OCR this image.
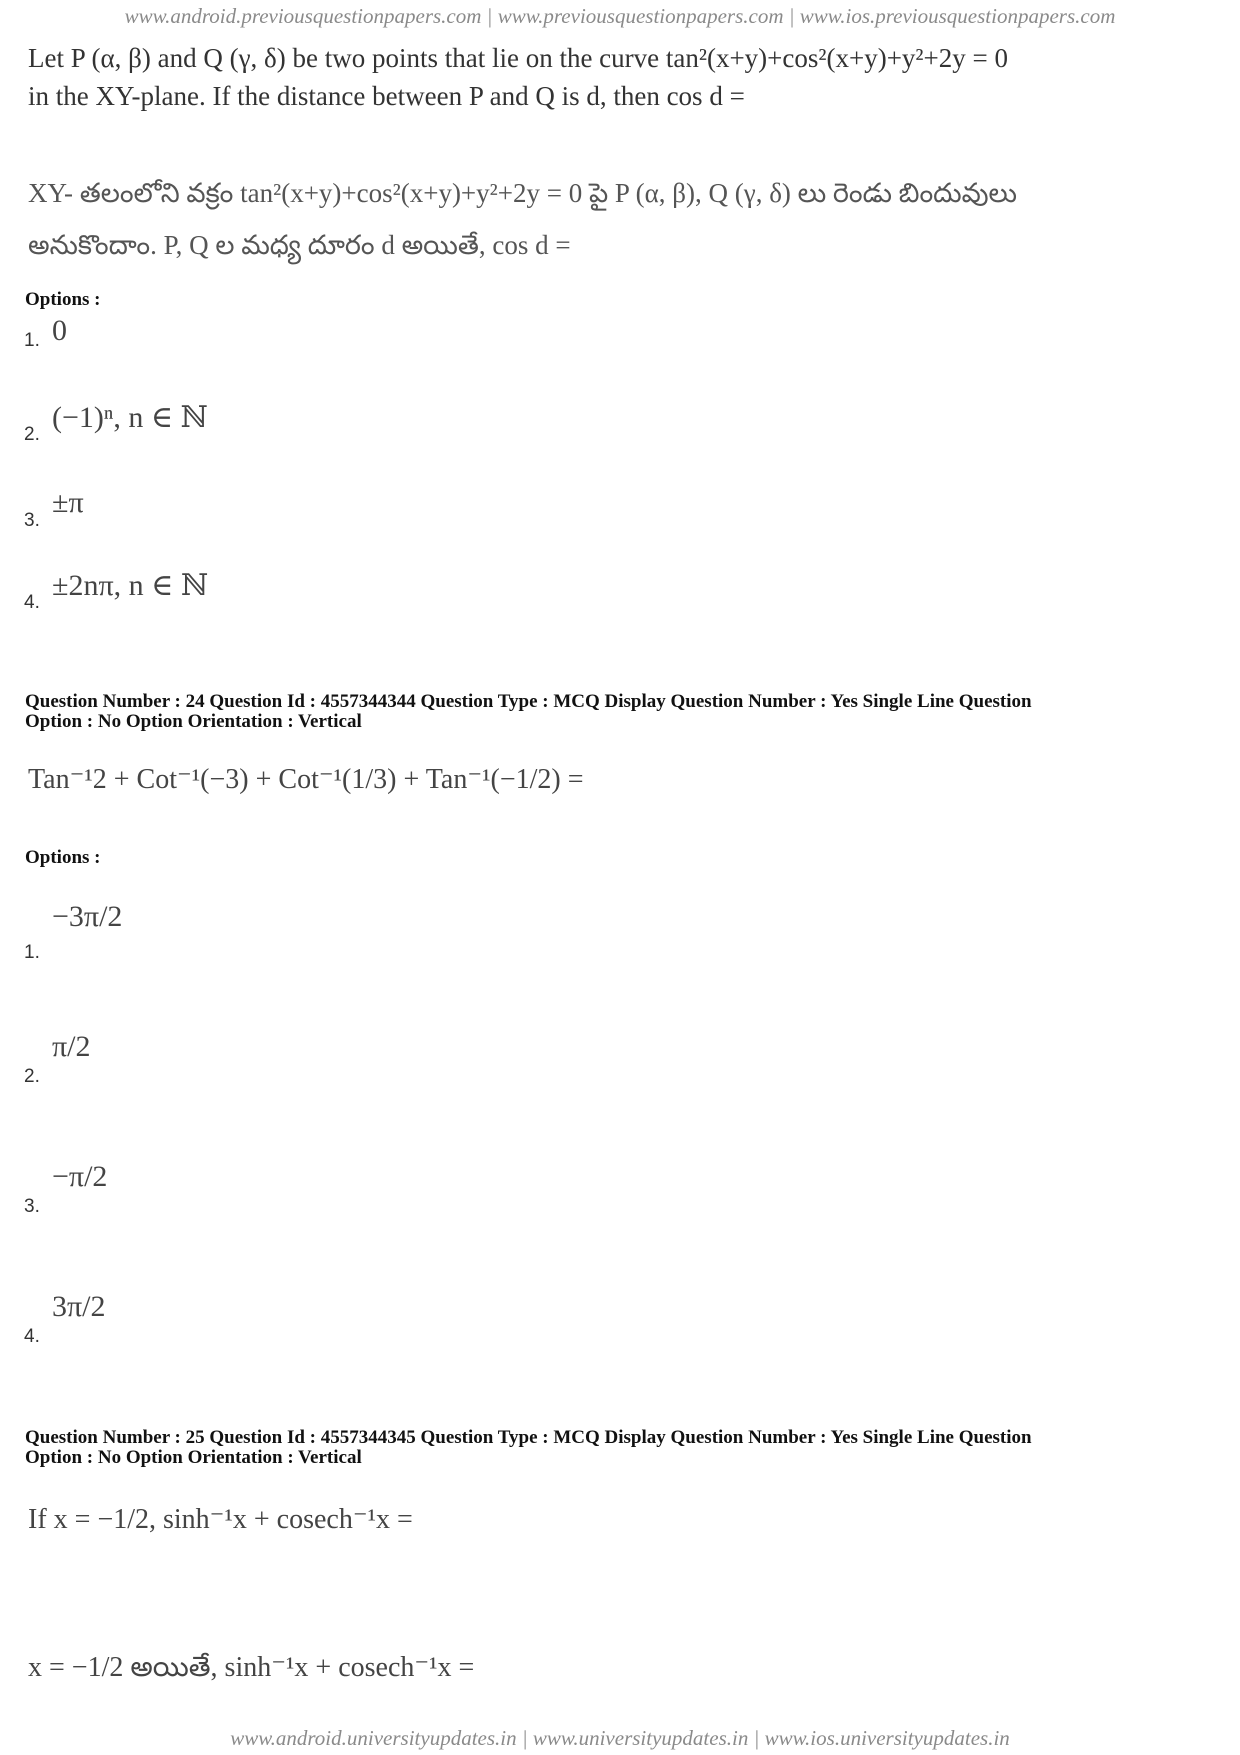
www.android.previousquestionpapers.com | www.previousquestionpapers.com | www.ios.previousquestionpapers.com
Let P (α, β) and Q (γ, δ) be two points that lie on the curve tan²(x+y)+cos²(x+y)+y²+2y = 0
in the XY-plane. If the distance between P and Q is d, then cos d =
XY- తలంలోని వక్రం tan²(x+y)+cos²(x+y)+y²+2y = 0 పై P (α, β), Q (γ, δ) లు రెండు బిందువులు
అనుకొందాం. P, Q ల మధ్య దూరం d అయితే, cos d =
Options :
1. 0
2.
(−1)ⁿ, n ∈ ℕ
3.
±π
4.
±2nπ, n ∈ ℕ
Question Number : 24 Question Id : 4557344344 Question Type : MCQ Display Question Number : Yes Single Line Question
Option : No Option Orientation : Vertical
Tan⁻¹2 + Cot⁻¹(−3) + Cot⁻¹(1/3) + Tan⁻¹(−1/2) =
Options :
1.
−3π/2
2.
π/2
3.
−π/2
4.
3π/2
Question Number : 25 Question Id : 4557344345 Question Type : MCQ Display Question Number : Yes Single Line Question
Option : No Option Orientation : Vertical
If x = −1/2, sinh⁻¹x + cosech⁻¹x =
x = −1/2 అయితే, sinh⁻¹x + cosech⁻¹x =
www.android.universityupdates.in | www.universityupdates.in | www.ios.universityupdates.in
